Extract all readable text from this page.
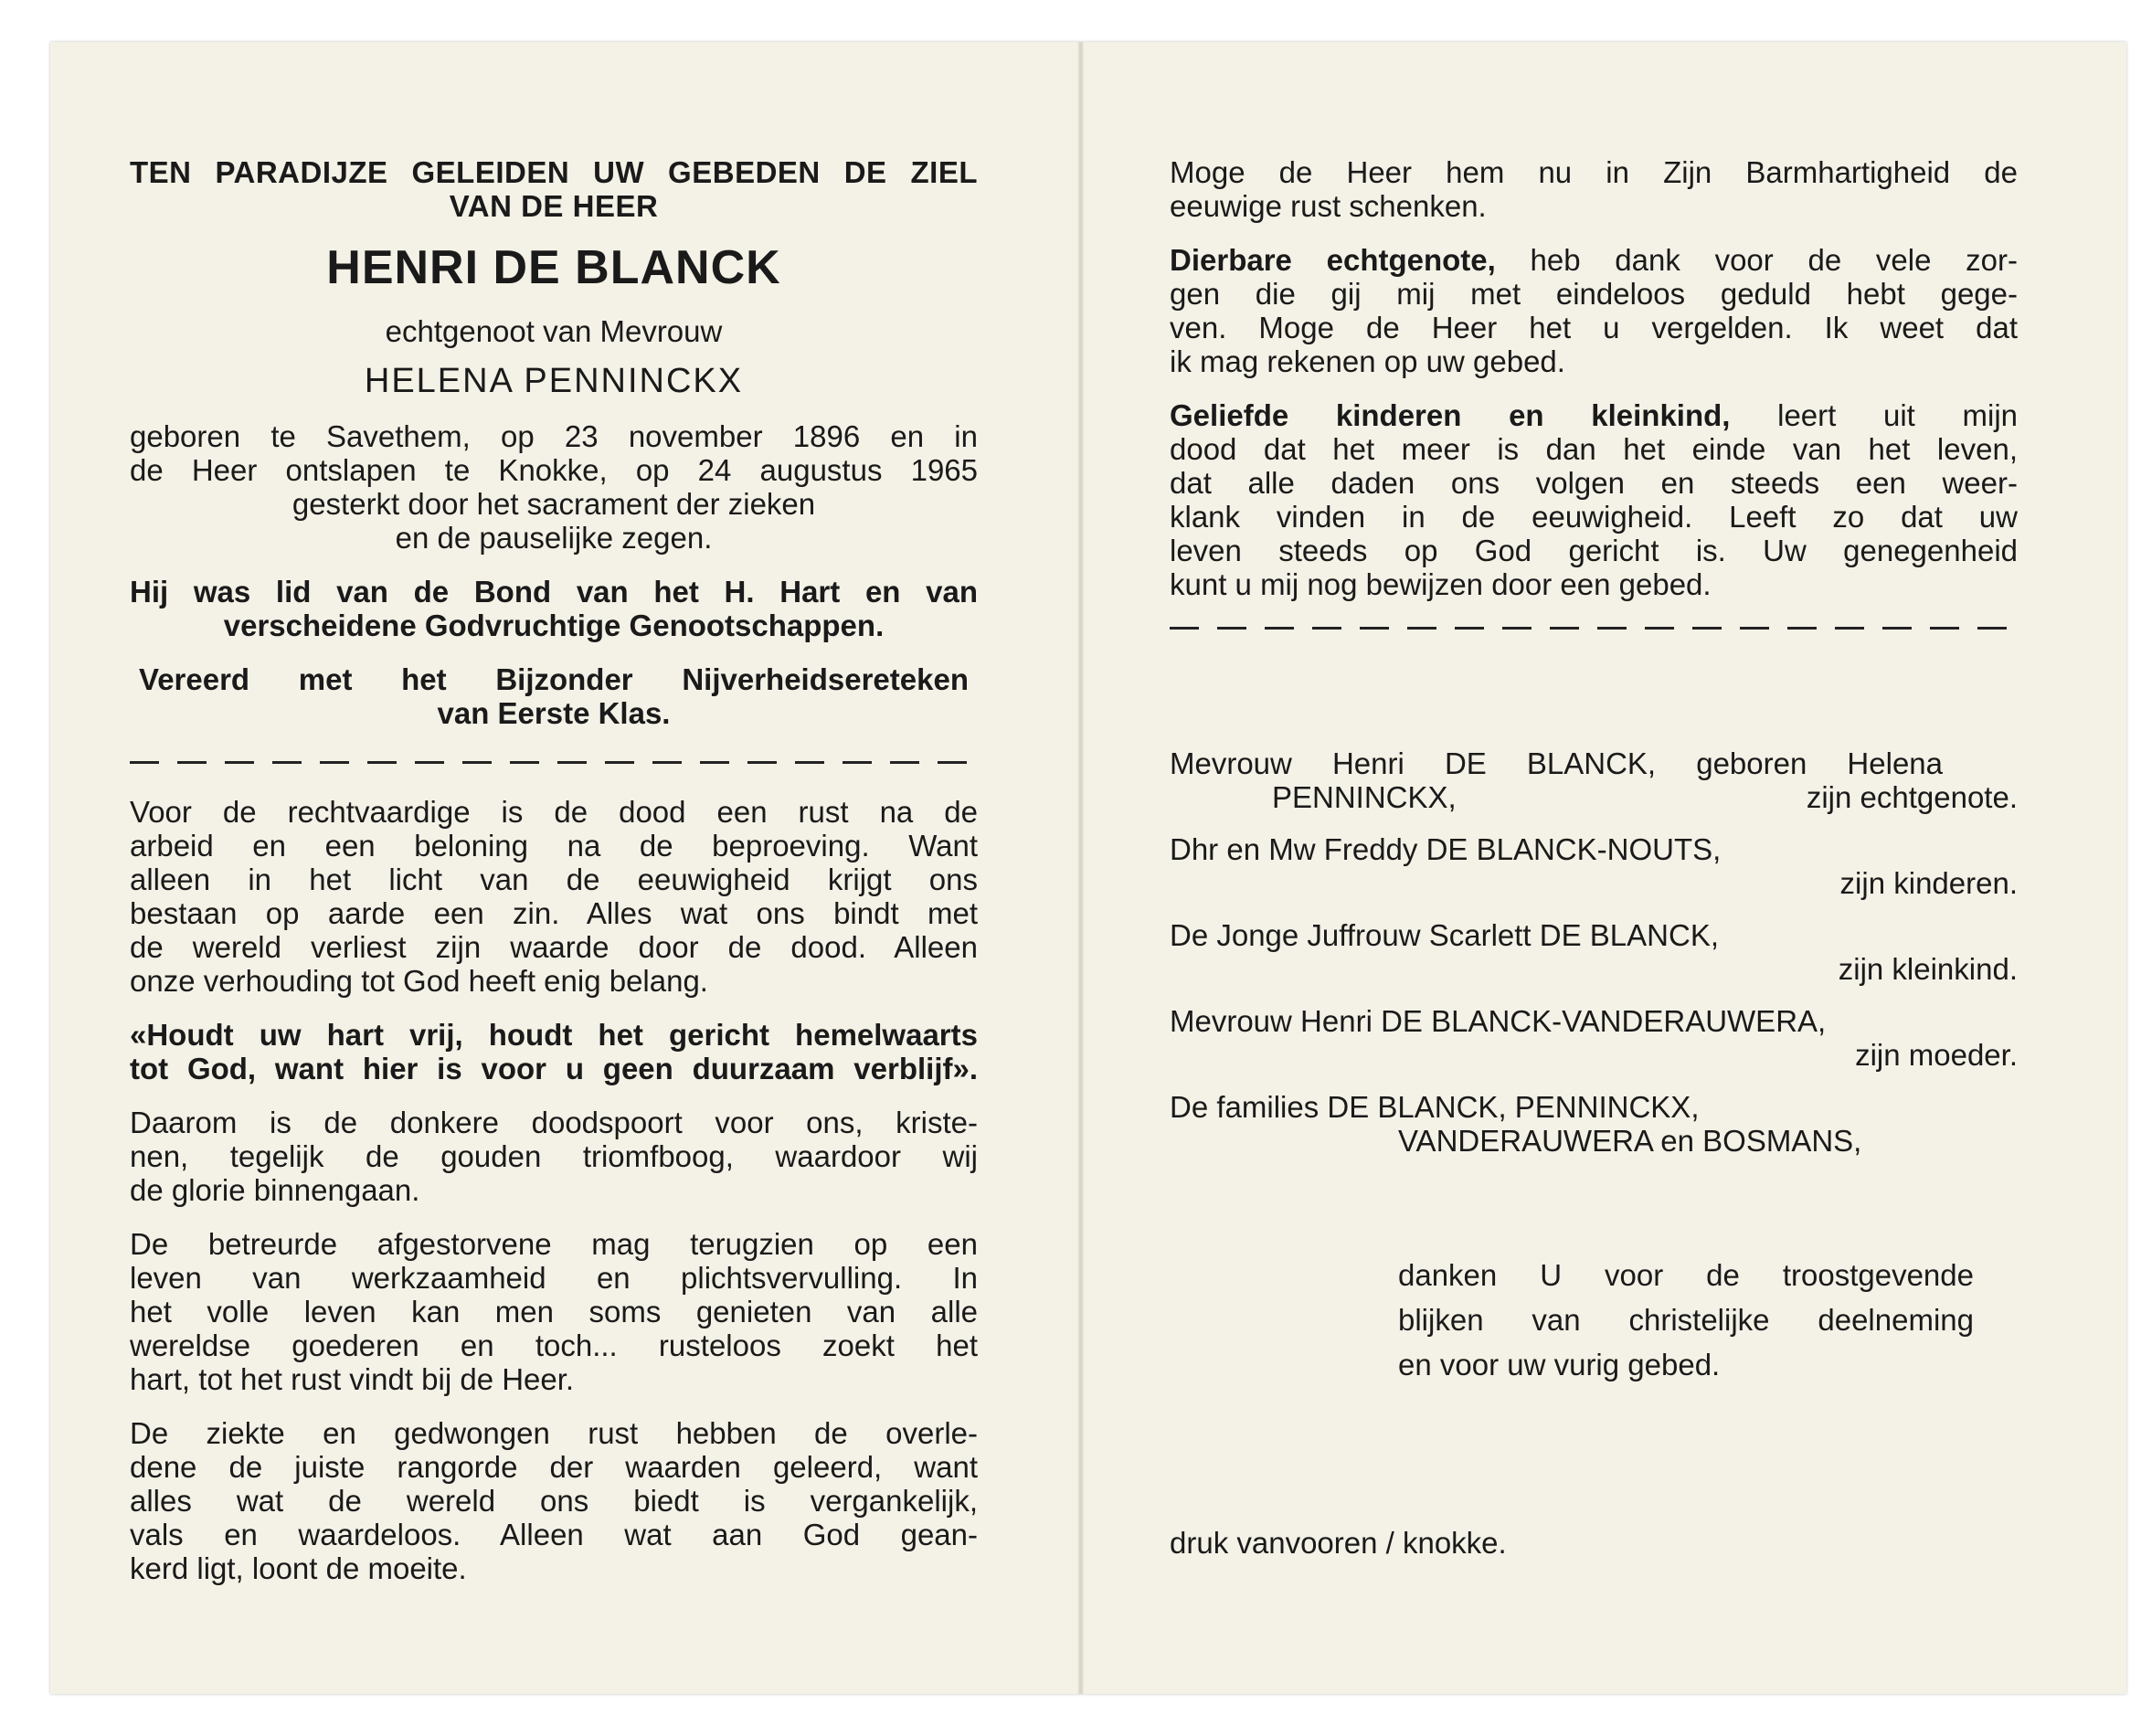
TEN PARADIJZE GELEIDEN UW GEBEDEN DE ZIEL

VAN DE HEER

HENRI DE BLANCK

echtgenoot van Mevrouw

HELENA PENNINCKX

geboren te Savethem, op 23 november 1896 en in

de Heer ontslapen te Knokke, op 24 augustus 1965

gesterkt door het sacrament der zieken

en de pauselijke zegen.

Hij was lid van de Bond van het H. Hart en van

verscheidene Godvruchtige Genootschappen.

Vereerd met het Bijzonder Nijverheidsereteken

van Eerste Klas.

Voor de rechtvaardige is de dood een rust na de

arbeid en een beloning na de beproeving. Want

alleen in het licht van de eeuwigheid krijgt ons

bestaan op aarde een zin. Alles wat ons bindt met

de wereld verliest zijn waarde door de dood. Alleen

onze verhouding tot God heeft enig belang.

«Houdt uw hart vrij, houdt het gericht hemelwaarts

tot God, want hier is voor u geen duurzaam verblijf».

Daarom is de donkere doodspoort voor ons, kriste-

nen, tegelijk de gouden triomfboog, waardoor wij

de glorie binnengaan.

De betreurde afgestorvene mag terugzien op een

leven van werkzaamheid en plichtsvervulling. In

het volle leven kan men soms genieten van alle

wereldse goederen en toch... rusteloos zoekt het

hart, tot het rust vindt bij de Heer.

De ziekte en gedwongen rust hebben de overle-

dene de juiste rangorde der waarden geleerd, want

alles wat de wereld ons biedt is vergankelijk,

vals en waardeloos. Alleen wat aan God gean-

kerd ligt, loont de moeite.

Moge de Heer hem nu in Zijn Barmhartigheid de

eeuwige rust schenken.

Dierbare echtgenote, heb dank voor de vele zor-

gen die gij mij met eindeloos geduld hebt gege-

ven. Moge de Heer het u vergelden. Ik weet dat

ik mag rekenen op uw gebed.

Geliefde kinderen en kleinkind, leert uit mijn

dood dat het meer is dan het einde van het leven,

dat alle daden ons volgen en steeds een weer-

klank vinden in de eeuwigheid. Leeft zo dat uw

leven steeds op God gericht is. Uw genegenheid

kunt u mij nog bewijzen door een gebed.

Mevrouw Henri DE BLANCK, geboren Helena

PENNINCKX,	zijn echtgenote.

Dhr en Mw Freddy DE BLANCK-NOUTS,

zijn kinderen.

De Jonge Juffrouw Scarlett DE BLANCK,

zijn kleinkind.

Mevrouw Henri DE BLANCK-VANDERAUWERA,

zijn moeder.

De families DE BLANCK, PENNINCKX,

VANDERAUWERA en BOSMANS,

danken U voor de troostgevende

blijken van christelijke deelneming

en voor uw vurig gebed.

druk vanvooren / knokke.
